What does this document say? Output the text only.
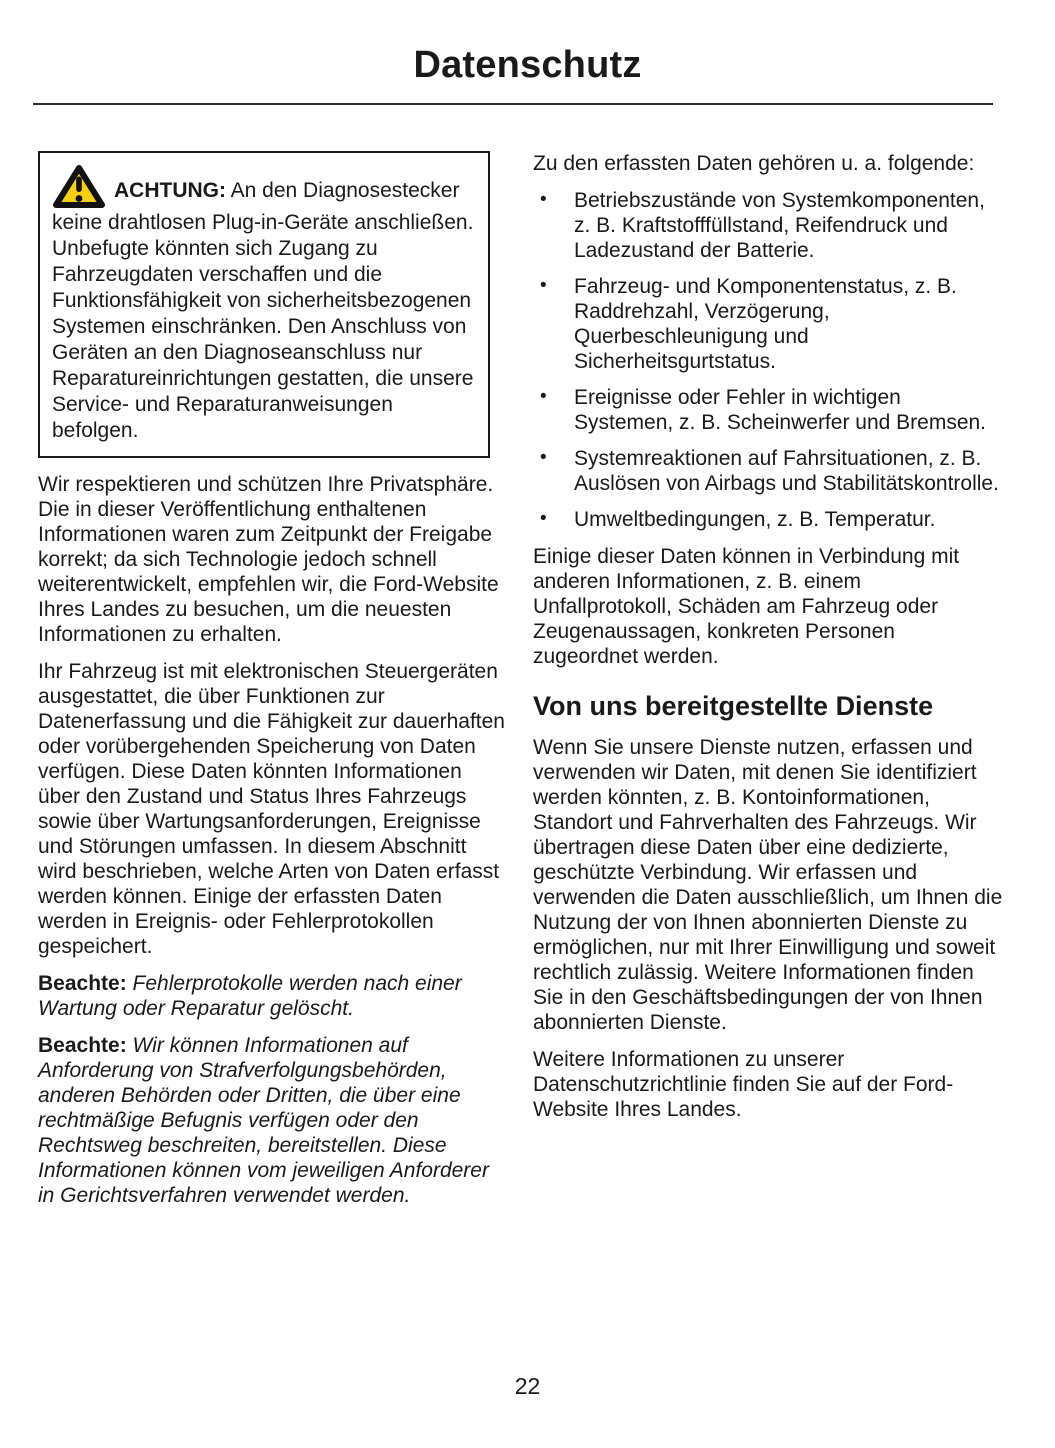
Datenschutz

ACHTUNG: An den Diagnosestecker keine drahtlosen Plug-in-Geräte anschließen. Unbefugte könnten sich Zugang zu Fahrzeugdaten verschaffen und die Funktionsfähigkeit von sicherheitsbezogenen Systemen einschränken. Den Anschluss von Geräten an den Diagnoseanschluss nur Reparatureinrichtungen gestatten, die unsere Service- und Reparaturanweisungen befolgen.

Wir respektieren und schützen Ihre Privatsphäre. Die in dieser Veröffentlichung enthaltenen Informationen waren zum Zeitpunkt der Freigabe korrekt; da sich Technologie jedoch schnell weiterentwickelt, empfehlen wir, die Ford-Website Ihres Landes zu besuchen, um die neuesten Informationen zu erhalten.

Ihr Fahrzeug ist mit elektronischen Steuergeräten ausgestattet, die über Funktionen zur Datenerfassung und die Fähigkeit zur dauerhaften oder vorübergehenden Speicherung von Daten verfügen. Diese Daten könnten Informationen über den Zustand und Status Ihres Fahrzeugs sowie über Wartungsanforderungen, Ereignisse und Störungen umfassen. In diesem Abschnitt wird beschrieben, welche Arten von Daten erfasst werden können. Einige der erfassten Daten werden in Ereignis- oder Fehlerprotokollen gespeichert.

Beachte: Fehlerprotokolle werden nach einer Wartung oder Reparatur gelöscht.

Beachte: Wir können Informationen auf Anforderung von Strafverfolgungsbehörden, anderen Behörden oder Dritten, die über eine rechtmäßige Befugnis verfügen oder den Rechtsweg beschreiten, bereitstellen. Diese Informationen können vom jeweiligen Anforderer in Gerichtsverfahren verwendet werden.

Zu den erfassten Daten gehören u. a. folgende:

• Betriebszustände von Systemkomponenten, z. B. Kraftstofffüllstand, Reifendruck und Ladezustand der Batterie.
• Fahrzeug- und Komponentenstatus, z. B. Raddrehzahl, Verzögerung, Querbeschleunigung und Sicherheitsgurtstatus.
• Ereignisse oder Fehler in wichtigen Systemen, z. B. Scheinwerfer und Bremsen.
• Systemreaktionen auf Fahrsituationen, z. B. Auslösen von Airbags und Stabilitätskontrolle.
• Umweltbedingungen, z. B. Temperatur.

Einige dieser Daten können in Verbindung mit anderen Informationen, z. B. einem Unfallprotokoll, Schäden am Fahrzeug oder Zeugenaussagen, konkreten Personen zugeordnet werden.

Von uns bereitgestellte Dienste

Wenn Sie unsere Dienste nutzen, erfassen und verwenden wir Daten, mit denen Sie identifiziert werden könnten, z. B. Kontoinformationen, Standort und Fahrverhalten des Fahrzeugs. Wir übertragen diese Daten über eine dedizierte, geschützte Verbindung. Wir erfassen und verwenden die Daten ausschließlich, um Ihnen die Nutzung der von Ihnen abonnierten Dienste zu ermöglichen, nur mit Ihrer Einwilligung und soweit rechtlich zulässig. Weitere Informationen finden Sie in den Geschäftsbedingungen der von Ihnen abonnierten Dienste.

Weitere Informationen zu unserer Datenschutzrichtlinie finden Sie auf der Ford-Website Ihres Landes.

22
